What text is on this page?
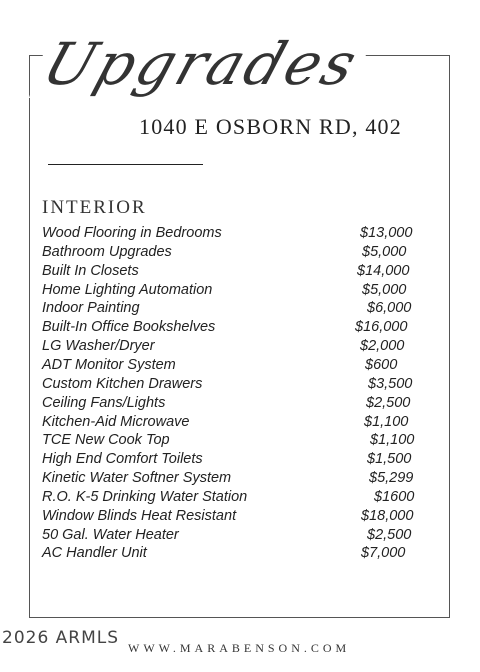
Upgrades
1040 E OSBORN RD, 402
INTERIOR
Wood Flooring in Bedrooms	$13,000
Bathroom Upgrades	$5,000
Built In Closets	$14,000
Home Lighting Automation	$5,000
Indoor Painting	$6,000
Built-In Office Bookshelves	$16,000
LG Washer/Dryer	$2,000
ADT Monitor System	$600
Custom Kitchen Drawers	$3,500
Ceiling Fans/Lights	$2,500
Kitchen-Aid Microwave	$1,100
TCE New Cook Top	$1,100
High End Comfort Toilets	$1,500
Kinetic Water Softner System	$5,299
R.O. K-5 Drinking Water Station	$1600
Window Blinds Heat Resistant	$18,000
50 Gal. Water Heater	$2,500
AC Handler Unit	$7,000
2026 ARMLS WWW.MARABENSON.COM
